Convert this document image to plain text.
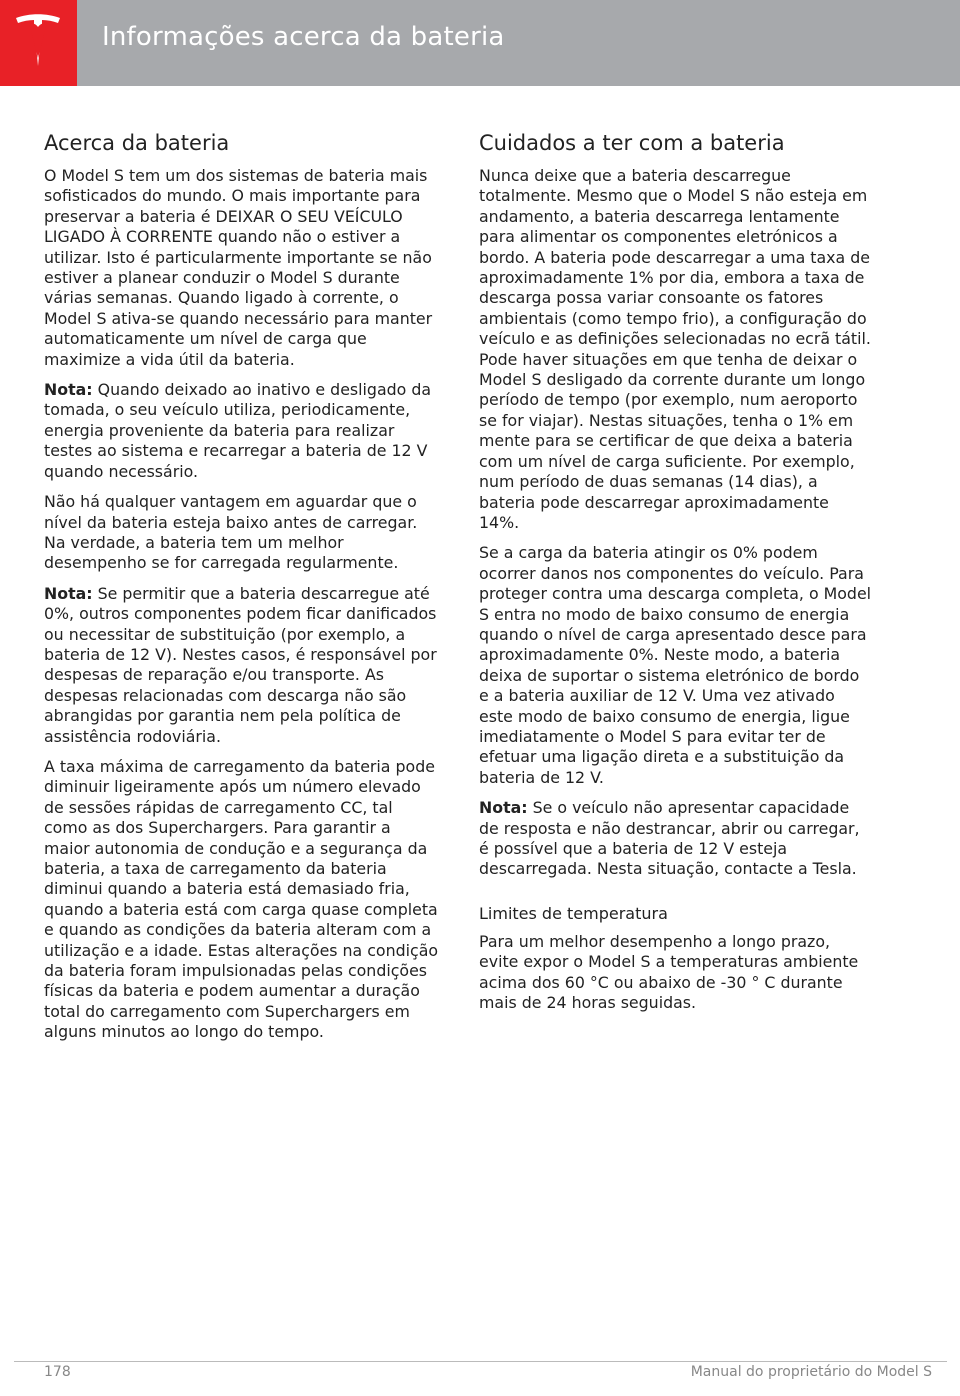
Informações acerca da bateria
Acerca da bateria

O Model S tem um dos sistemas de bateria mais sofisticados do mundo. O mais importante para preservar a bateria é DEIXAR O SEU VEÍCULO LIGADO À CORRENTE quando não o estiver a utilizar. Isto é particularmente importante se não estiver a planear conduzir o Model S durante várias semanas. Quando ligado à corrente, o Model S ativa-se quando necessário para manter automaticamente um nível de carga que maximize a vida útil da bateria.

Nota: Quando deixado ao inativo e desligado da tomada, o seu veículo utiliza, periodicamente, energia proveniente da bateria para realizar testes ao sistema e recarregar a bateria de 12 V quando necessário.

Não há qualquer vantagem em aguardar que o nível da bateria esteja baixo antes de carregar. Na verdade, a bateria tem um melhor desempenho se for carregada regularmente.

Nota: Se permitir que a bateria descarregue até 0%, outros componentes podem ficar danificados ou necessitar de substituição (por exemplo, a bateria de 12 V). Nestes casos, é responsável por despesas de reparação e/ou transporte. As despesas relacionadas com descarga não são abrangidas por garantia nem pela política de assistência rodoviária.

A taxa máxima de carregamento da bateria pode diminuir ligeiramente após um número elevado de sessões rápidas de carregamento CC, tal como as dos Superchargers. Para garantir a maior autonomia de condução e a segurança da bateria, a taxa de carregamento da bateria diminui quando a bateria está demasiado fria, quando a bateria está com carga quase completa e quando as condições da bateria alteram com a utilização e a idade. Estas alterações na condição da bateria foram impulsionadas pelas condições físicas da bateria e podem aumentar a duração total do carregamento com Superchargers em alguns minutos ao longo do tempo.

Cuidados a ter com a bateria

Nunca deixe que a bateria descarregue totalmente. Mesmo que o Model S não esteja em andamento, a bateria descarrega lentamente para alimentar os componentes eletrónicos a bordo. A bateria pode descarregar a uma taxa de aproximadamente 1% por dia, embora a taxa de descarga possa variar consoante os fatores ambientais (como tempo frio), a configuração do veículo e as definições selecionadas no ecrã tátil. Pode haver situações em que tenha de deixar o Model S desligado da corrente durante um longo período de tempo (por exemplo, num aeroporto se for viajar). Nestas situações, tenha o 1% em mente para se certificar de que deixa a bateria com um nível de carga suficiente. Por exemplo, num período de duas semanas (14 dias), a bateria pode descarregar aproximadamente 14%.

Se a carga da bateria atingir os 0% podem ocorrer danos nos componentes do veículo. Para proteger contra uma descarga completa, o Model S entra no modo de baixo consumo de energia quando o nível de carga apresentado desce para aproximadamente 0%. Neste modo, a bateria deixa de suportar o sistema eletrónico de bordo e a bateria auxiliar de 12 V. Uma vez ativado este modo de baixo consumo de energia, ligue imediatamente o Model S para evitar ter de efetuar uma ligação direta e a substituição da bateria de 12 V.

Nota: Se o veículo não apresentar capacidade de resposta e não destrancar, abrir ou carregar, é possível que a bateria de 12 V esteja descarregada. Nesta situação, contacte a Tesla.

Limites de temperatura

Para um melhor desempenho a longo prazo, evite expor o Model S a temperaturas ambiente acima dos 60 °C ou abaixo de -30 ° C durante mais de 24 horas seguidas.

178	Manual do proprietário do Model S
